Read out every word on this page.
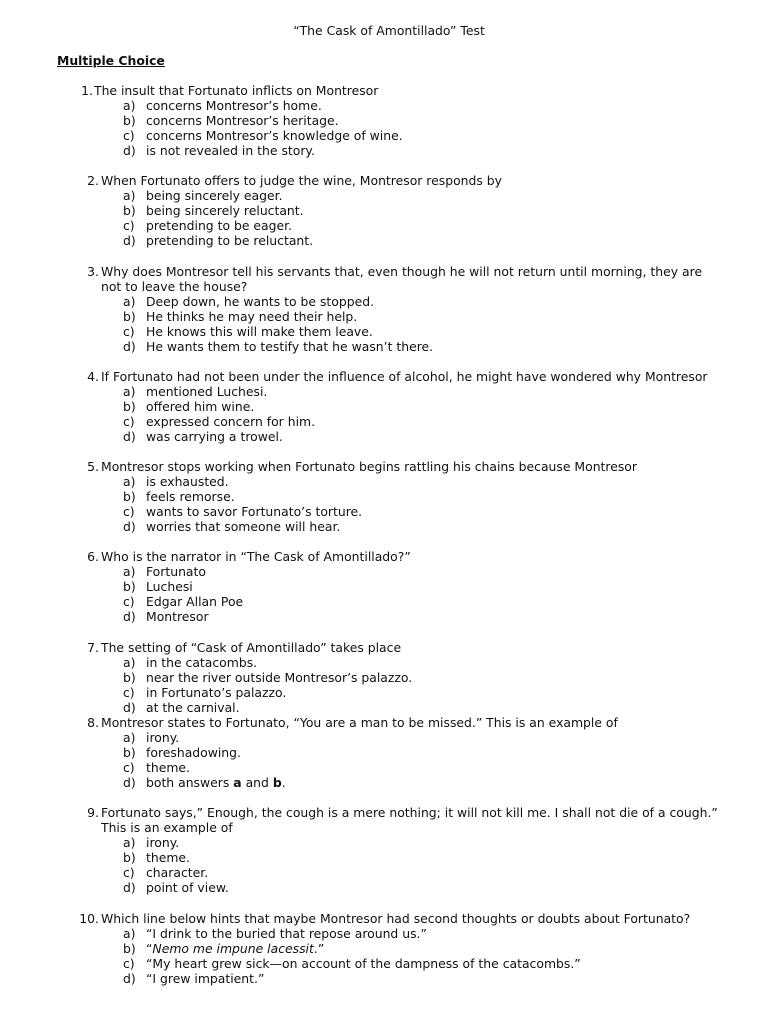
“The Cask of Amontillado” Test
Multiple Choice
1. The insult that Fortunato inflicts on Montresor
a) concerns Montresor’s home.
b) concerns Montresor’s heritage.
c) concerns Montresor’s knowledge of wine.
d) is not revealed in the story.
2. When Fortunato offers to judge the wine, Montresor responds by
a) being sincerely eager.
b) being sincerely reluctant.
c) pretending to be eager.
d) pretending to be reluctant.
3. Why does Montresor tell his servants that, even though he will not return until morning, they are not to leave the house?
a) Deep down, he wants to be stopped.
b) He thinks he may need their help.
c) He knows this will make them leave.
d) He wants them to testify that he wasn’t there.
4. If Fortunato had not been under the influence of alcohol, he might have wondered why Montresor
a) mentioned Luchesi.
b) offered him wine.
c) expressed concern for him.
d) was carrying a trowel.
5. Montresor stops working when Fortunato begins rattling his chains because Montresor
a) is exhausted.
b) feels remorse.
c) wants to savor Fortunato’s torture.
d) worries that someone will hear.
6. Who is the narrator in “The Cask of Amontillado?”
a) Fortunato
b) Luchesi
c) Edgar Allan Poe
d) Montresor
7. The setting of “Cask of Amontillado” takes place
a) in the catacombs.
b) near the river outside Montresor’s palazzo.
c) in Fortunato’s palazzo.
d) at the carnival.
8. Montresor states to Fortunato, “You are a man to be missed.” This is an example of
a) irony.
b) foreshadowing.
c) theme.
d) both answers a and b.
9. Fortunato says,” Enough, the cough is a mere nothing; it will not kill me. I shall not die of a cough.” This is an example of
a) irony.
b) theme.
c) character.
d) point of view.
10. Which line below hints that maybe Montresor had second thoughts or doubts about Fortunato?
a) “I drink to the buried that repose around us.”
b) “Nemo me impune lacessit.”
c) “My heart grew sick—on account of the dampness of the catacombs.”
d) “I grew impatient.”
